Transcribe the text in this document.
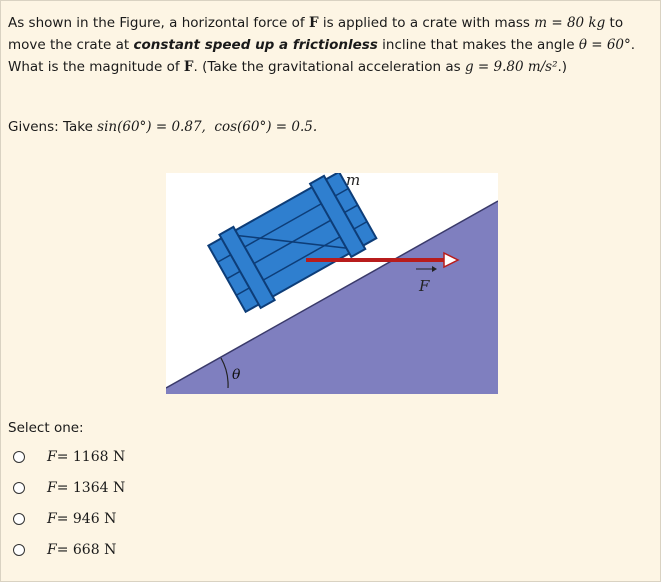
As shown in the Figure, a horizontal force of F is applied to a crate with mass m = 80 kg to move the crate at constant speed up a frictionless incline that makes the angle θ = 60°. What is the magnitude of F. (Take the gravitational acceleration as g = 9.80 m/s².)
Givens: Take sin(60°) = 0.87, cos(60°) = 0.5.
θ
F
m
Select one:
F = 1168 N
F = 1364 N
F = 946 N
F = 668 N
